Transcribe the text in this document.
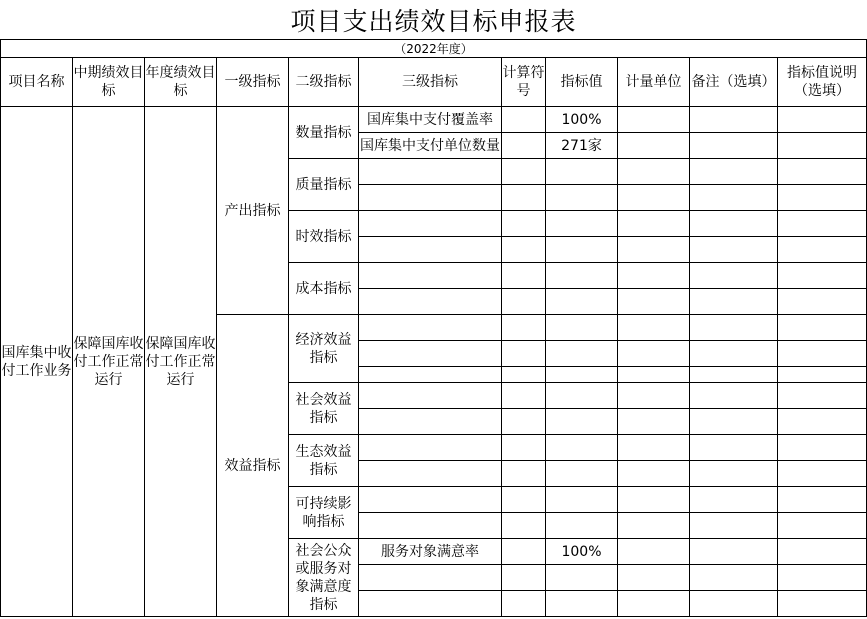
项目支出绩效目标申报表
（2022年度）
项目名称	中期绩效目标	年度绩效目标	一级指标	二级指标	三级指标	计算符号	指标值	计量单位	备注（选填）	指标值说明（选填）
国库集中收付工作业务	保障国库收付工作正常运行	保障国库收付工作正常运行	产出指标	数量指标	国库集中支付覆盖率		100%			
					国库集中支付单位数量		271家			
				质量指标						

				时效指标						

				成本指标						

			效益指标	经济效益指标						

				社会效益指标						

				生态效益指标						

				可持续影响指标						

				社会公众或服务对象满意度指标	服务对象满意率		100%			
